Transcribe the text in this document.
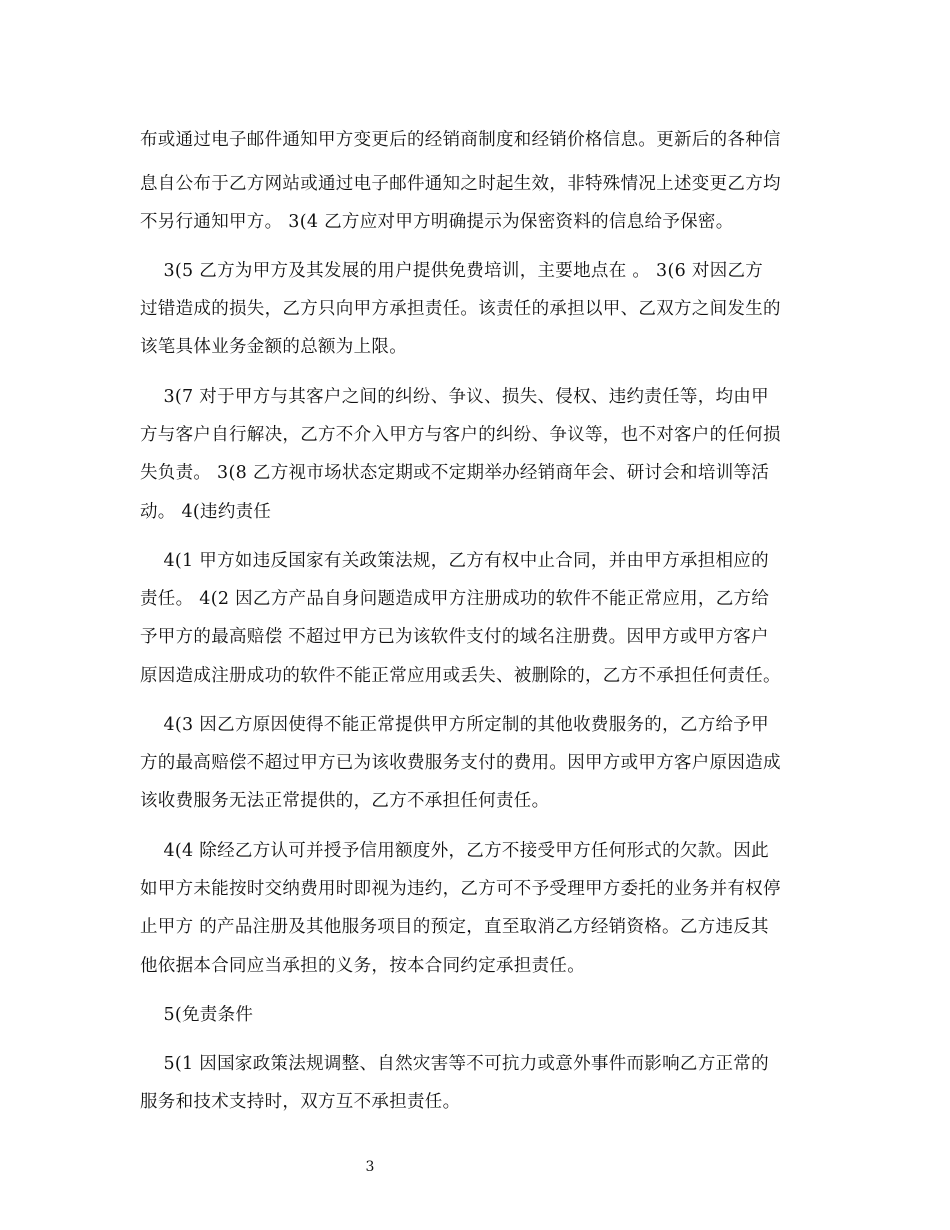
布或通过电子邮件通知甲方变更后的经销商制度和经销价格信息。更新后的各种信
息自公布于乙方网站或通过电子邮件通知之时起生效，非特殊情况上述变更乙方均
不另行通知甲方。 3(4 乙方应对甲方明确提示为保密资料的信息给予保密。
3(5 乙方为甲方及其发展的用户提供免费培训，主要地点在 。 3(6 对因乙方
过错造成的损失，乙方只向甲方承担责任。该责任的承担以甲、乙双方之间发生的
该笔具体业务金额的总额为上限。
3(7 对于甲方与其客户之间的纠纷、争议、损失、侵权、违约责任等，均由甲
方与客户自行解决，乙方不介入甲方与客户的纠纷、争议等，也不对客户的任何损
失负责。 3(8 乙方视市场状态定期或不定期举办经销商年会、研讨会和培训等活
动。 4(违约责任
4(1 甲方如违反国家有关政策法规，乙方有权中止合同，并由甲方承担相应的
责任。 4(2 因乙方产品自身问题造成甲方注册成功的软件不能正常应用，乙方给
予甲方的最高赔偿 不超过甲方已为该软件支付的域名注册费。因甲方或甲方客户
原因造成注册成功的软件不能正常应用或丢失、被删除的，乙方不承担任何责任。
4(3 因乙方原因使得不能正常提供甲方所定制的其他收费服务的，乙方给予甲
方的最高赔偿不超过甲方已为该收费服务支付的费用。因甲方或甲方客户原因造成
该收费服务无法正常提供的，乙方不承担任何责任。
4(4 除经乙方认可并授予信用额度外，乙方不接受甲方任何形式的欠款。因此
如甲方未能按时交纳费用时即视为违约，乙方可不予受理甲方委托的业务并有权停
止甲方 的产品注册及其他服务项目的预定，直至取消乙方经销资格。乙方违反其
他依据本合同应当承担的义务，按本合同约定承担责任。
5(免责条件
5(1 因国家政策法规调整、自然灾害等不可抗力或意外事件而影响乙方正常的
服务和技术支持时，双方互不承担责任。
3
